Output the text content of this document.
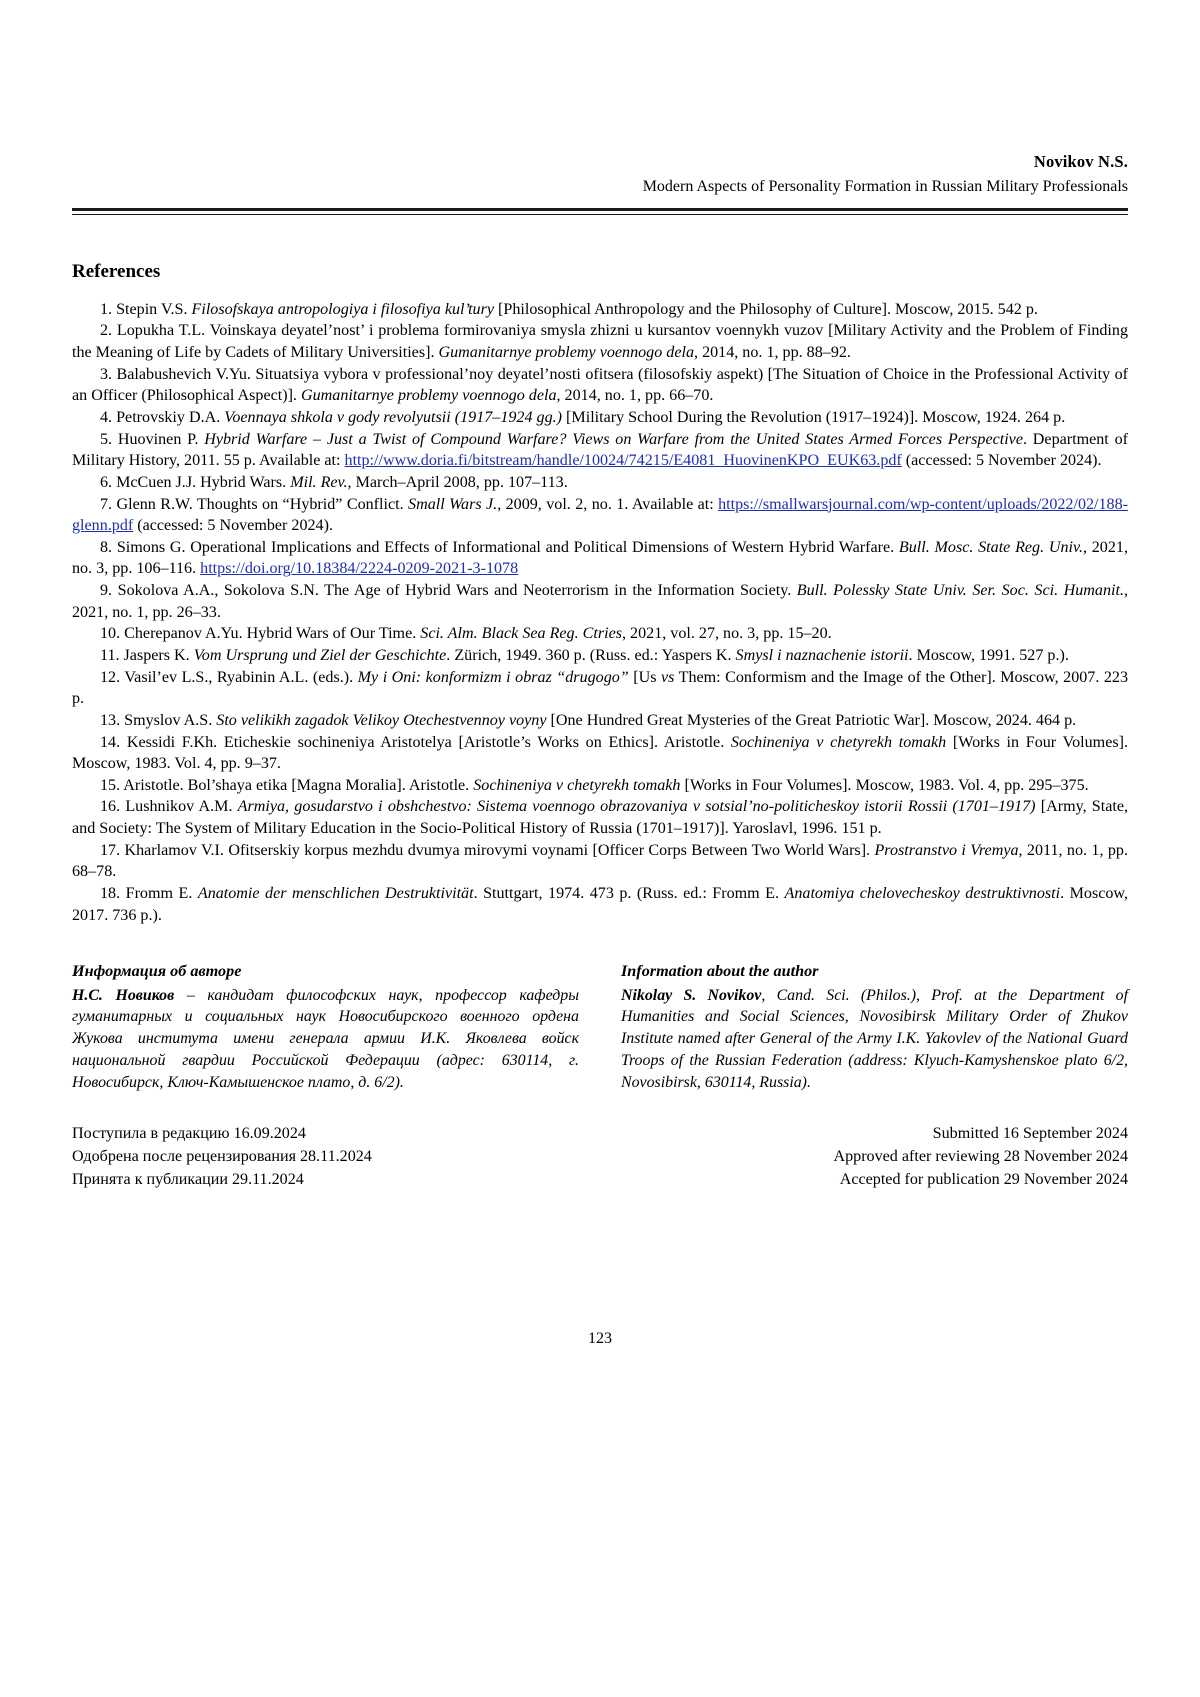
Novikov N.S.
Modern Aspects of Personality Formation in Russian Military Professionals
References

1. Stepin V.S. Filosofskaya antropologiya i filosofiya kul’tury [Philosophical Anthropology and the Philosophy of Culture]. Moscow, 2015. 542 p.

2. Lopukha T.L. Voinskaya deyatel’nost’ i problema formirovaniya smysla zhizni u kursantov voennykh vuzov [Military Activity and the Problem of Finding the Meaning of Life by Cadets of Military Universities]. Gumanitarnye problemy voennogo dela, 2014, no. 1, pp. 88–92.

3. Balabushevich V.Yu. Situatsiya vybora v professional’noy deyatel’nosti ofitsera (filosofskiy aspekt) [The Situation of Choice in the Professional Activity of an Officer (Philosophical Aspect)]. Gumanitarnye problemy voennogo dela, 2014, no. 1, pp. 66–70.

4. Petrovskiy D.A. Voennaya shkola v gody revolyutsii (1917–1924 gg.) [Military School During the Revolution (1917–1924)]. Moscow, 1924. 264 p.

5. Huovinen P. Hybrid Warfare – Just a Twist of Compound Warfare? Views on Warfare from the United States Armed Forces Perspective. Department of Military History, 2011. 55 p. Available at: http://www.doria.fi/bitstream/handle/10024/74215/E4081_HuovinenKPO_EUK63.pdf (accessed: 5 November 2024).

6. McCuen J.J. Hybrid Wars. Mil. Rev., March–April 2008, pp. 107–113.

7. Glenn R.W. Thoughts on “Hybrid” Conflict. Small Wars J., 2009, vol. 2, no. 1. Available at: https://smallwarsjournal.com/wp-content/uploads/2022/02/188-glenn.pdf (accessed: 5 November 2024).

8. Simons G. Operational Implications and Effects of Informational and Political Dimensions of Western Hybrid Warfare. Bull. Mosc. State Reg. Univ., 2021, no. 3, pp. 106–116. https://doi.org/10.18384/2224-0209-2021-3-1078

9. Sokolova A.A., Sokolova S.N. The Age of Hybrid Wars and Neoterrorism in the Information Society. Bull. Polessky State Univ. Ser. Soc. Sci. Humanit., 2021, no. 1, pp. 26–33.

10. Cherepanov A.Yu. Hybrid Wars of Our Time. Sci. Alm. Black Sea Reg. Ctries, 2021, vol. 27, no. 3, pp. 15–20.

11. Jaspers K. Vom Ursprung und Ziel der Geschichte. Zürich, 1949. 360 p. (Russ. ed.: Yaspers K. Smysl i naznachenie istorii. Moscow, 1991. 527 p.).

12. Vasil’ev L.S., Ryabinin A.L. (eds.). My i Oni: konformizm i obraz “drugogo” [Us vs Them: Conformism and the Image of the Other]. Moscow, 2007. 223 p.

13. Smyslov A.S. Sto velikikh zagadok Velikoy Otechestvennoy voyny [One Hundred Great Mysteries of the Great Patriotic War]. Moscow, 2024. 464 p.

14. Kessidi F.Kh. Eticheskie sochineniya Aristotelya [Aristotle’s Works on Ethics]. Aristotle. Sochineniya v chetyrekh tomakh [Works in Four Volumes]. Moscow, 1983. Vol. 4, pp. 9–37.

15. Aristotle. Bol’shaya etika [Magna Moralia]. Aristotle. Sochineniya v chetyrekh tomakh [Works in Four Volumes]. Moscow, 1983. Vol. 4, pp. 295–375.

16. Lushnikov A.M. Armiya, gosudarstvo i obshchestvo: Sistema voennogo obrazovaniya v sotsial’no-politicheskoy istorii Rossii (1701–1917) [Army, State, and Society: The System of Military Education in the Socio-Political History of Russia (1701–1917)]. Yaroslavl, 1996. 151 p.

17. Kharlamov V.I. Ofitserskiy korpus mezhdu dvumya mirovymi voynami [Officer Corps Between Two World Wars]. Prostranstvo i Vremya, 2011, no. 1, pp. 68–78.

18. Fromm E. Anatomie der menschlichen Destruktivität. Stuttgart, 1974. 473 p. (Russ. ed.: Fromm E. Anatomiya chelovecheskoy destruktivnosti. Moscow, 2017. 736 p.).

Информация об авторе

Н.С. Новиков – кандидат философских наук, профессор кафедры гуманитарных и социальных наук Новосибирского военного ордена Жукова института имени генерала армии И.К. Яковлева войск национальной гвардии Российской Федерации (адрес: 630114, г. Новосибирск, Ключ-Камышенское плато, д. 6/2).

Information about the author

Nikolay S. Novikov, Cand. Sci. (Philos.), Prof. at the Department of Humanities and Social Sciences, Novosibirsk Military Order of Zhukov Institute named after General of the Army I.K. Yakovlev of the National Guard Troops of the Russian Federation (address: Klyuch-Kamyshenskoe plato 6/2, Novosibirsk, 630114, Russia).

Поступила в редакцию 16.09.2024
Одобрена после рецензирования 28.11.2024
Принята к публикации 29.11.2024
Submitted 16 September 2024
Approved after reviewing 28 November 2024
Accepted for publication 29 November 2024
123
